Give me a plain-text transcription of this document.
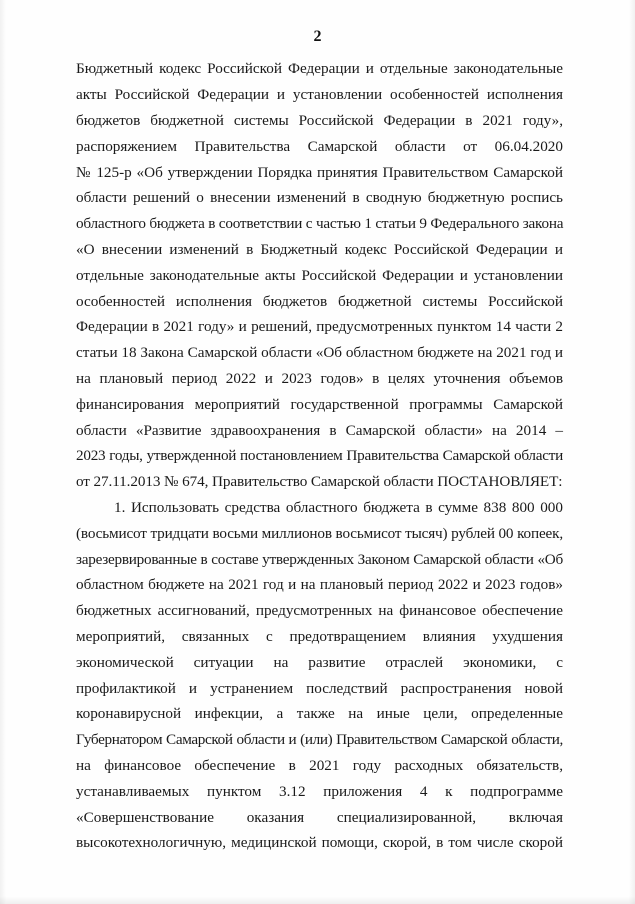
2
Бюджетный кодекс Российской Федерации и отдельные законодательные
акты Российской Федерации и установлении особенностей исполнения
бюджетов бюджетной системы Российской Федерации в 2021 году»,
распоряжением Правительства Самарской области от 06.04.2020
№ 125-р «Об утверждении Порядка принятия Правительством Самарской
области решений о внесении изменений в сводную бюджетную роспись
областного бюджета в соответствии с частью 1 статьи 9 Федерального закона
«О внесении изменений в Бюджетный кодекс Российской Федерации и
отдельные законодательные акты Российской Федерации и установлении
особенностей исполнения бюджетов бюджетной системы Российской
Федерации в 2021 году» и решений, предусмотренных пунктом 14 части 2
статьи 18 Закона Самарской области «Об областном бюджете на 2021 год и
на плановый период 2022 и 2023 годов» в целях уточнения объемов
финансирования мероприятий государственной программы Самарской
области «Развитие здравоохранения в Самарской области» на 2014 –
2023 годы, утвержденной постановлением Правительства Самарской области
от 27.11.2013 № 674, Правительство Самарской области ПОСТАНОВЛЯЕТ:
1. Использовать средства областного бюджета в сумме 838 800 000
(восьмисот тридцати восьми миллионов восьмисот тысяч) рублей 00 копеек,
зарезервированные в составе утвержденных Законом Самарской области «Об
областном бюджете на 2021 год и на плановый период 2022 и 2023 годов»
бюджетных ассигнований, предусмотренных на финансовое обеспечение
мероприятий, связанных с предотвращением влияния ухудшения
экономической ситуации на развитие отраслей экономики, с
профилактикой и устранением последствий распространения новой
коронавирусной инфекции, а также на иные цели, определенные
Губернатором Самарской области и (или) Правительством Самарской области,
на финансовое обеспечение в 2021 году расходных обязательств,
устанавливаемых пунктом 3.12 приложения 4 к подпрограмме
«Совершенствование оказания специализированной, включая
высокотехнологичную, медицинской помощи, скорой, в том числе скорой
